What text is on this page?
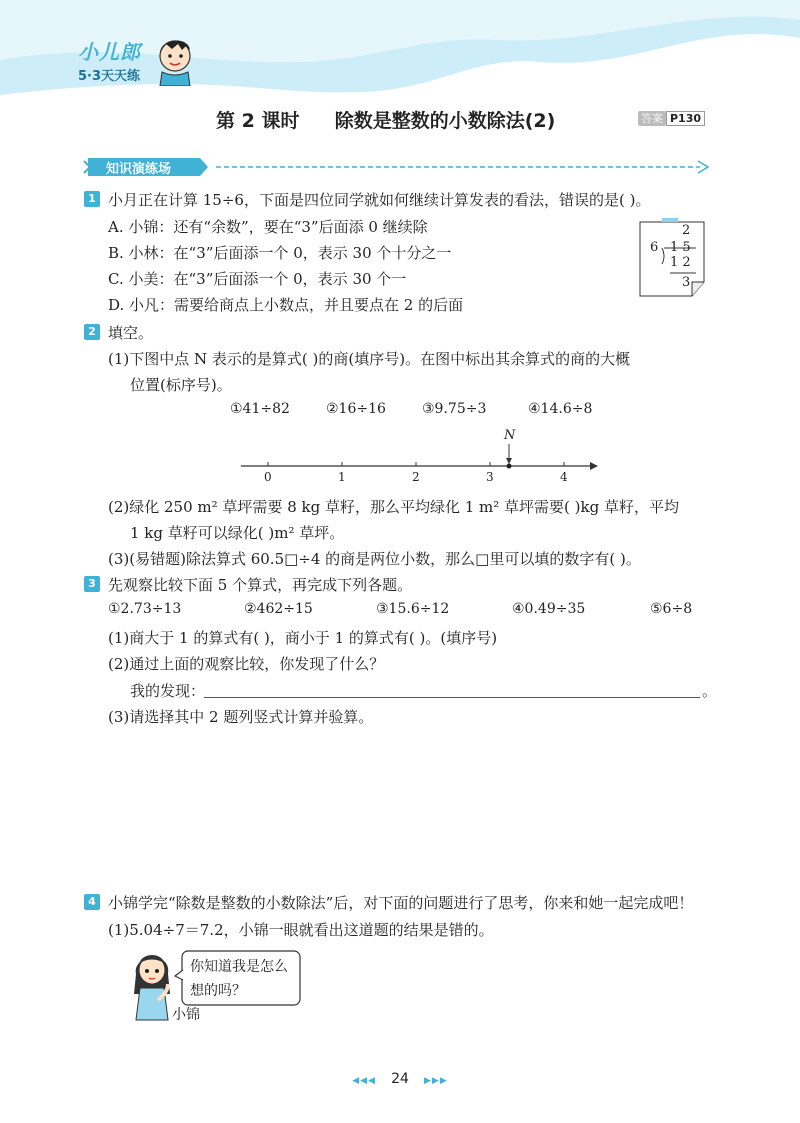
小儿郎
5·3天天练
第 2 课时 除数是整数的小数除法(2)	答案 P130
知识演练场
1 小月正在计算 15÷6，下面是四位同学就如何继续计算发表的看法，错误的是( )。
A. 小锦：还有“余数”，要在“3”后面添 0 继续除
B. 小林：在“3”后面添一个 0，表示 30 个十分之一
C. 小美：在“3”后面添一个 0，表示 30 个一
D. 小凡：需要给商点上小数点，并且要点在 2 的后面
2
6 1 5
1 2
3
2 填空。
(1)下图中点 N 表示的是算式( )的商(填序号)。在图中标出其余算式的商的大概
位置(标序号)。
①41÷82	②16÷16	③9.75÷3	④14.6÷8
N
0	1	2	3	4
(2)绿化 250 m² 草坪需要 8 kg 草籽，那么平均绿化 1 m² 草坪需要( )kg 草籽，平均
1 kg 草籽可以绿化( )m² 草坪。
(3)(易错题)除法算式 60.5□÷4 的商是两位小数，那么□里可以填的数字有( )。
3 先观察比较下面 5 个算式，再完成下列各题。
①2.73÷13	②462÷15	③15.6÷12	④0.49÷35	⑤6÷8
(1)商大于 1 的算式有( )，商小于 1 的算式有( )。(填序号)
(2)通过上面的观察比较，你发现了什么？
我的发现：	。
(3)请选择其中 2 题列竖式计算并验算。
4 小锦学完“除数是整数的小数除法”后，对下面的问题进行了思考，你来和她一起完成吧！
(1)5.04÷7＝7.2，小锦一眼就看出这道题的结果是错的。
你知道我是怎么
想的吗？
小锦
◀◀◀ 24 ▶▶▶
